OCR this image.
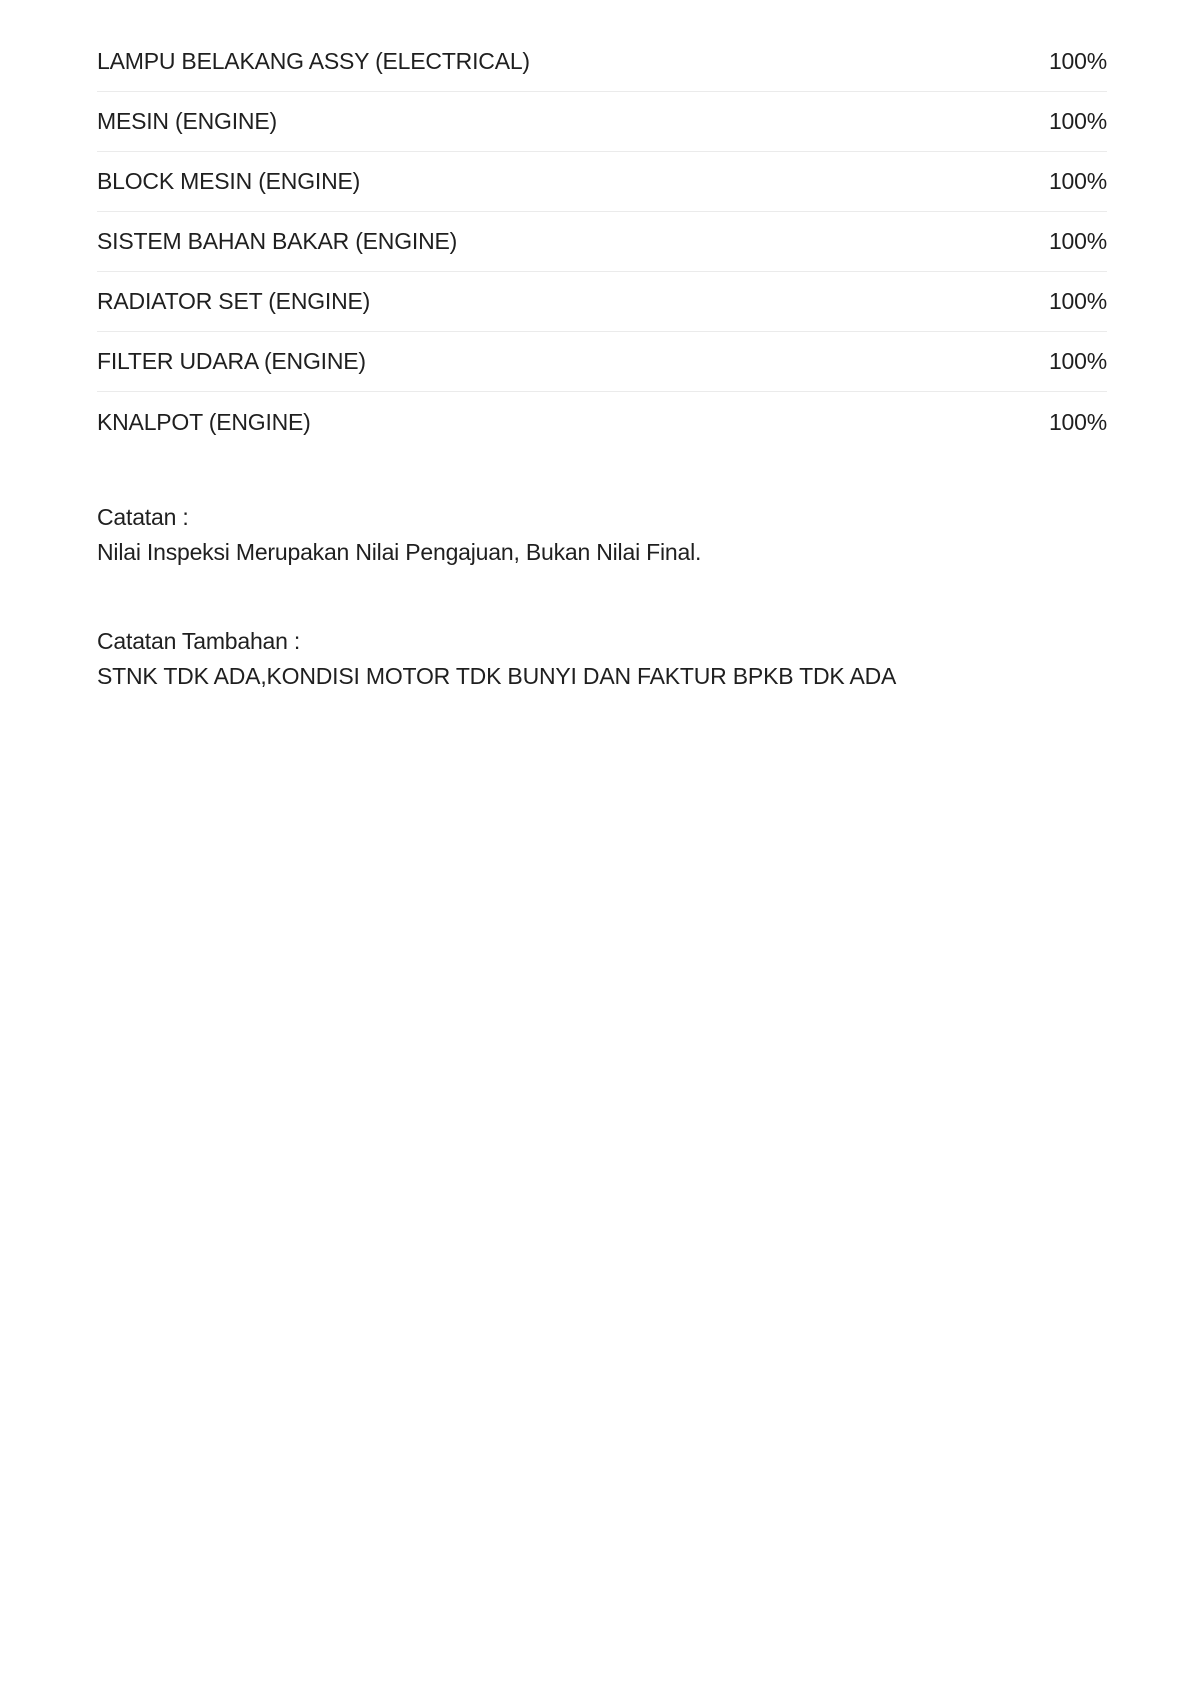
LAMPU BELAKANG ASSY (ELECTRICAL)	100%
MESIN (ENGINE)	100%
BLOCK MESIN (ENGINE)	100%
SISTEM BAHAN BAKAR (ENGINE)	100%
RADIATOR SET (ENGINE)	100%
FILTER UDARA (ENGINE)	100%
KNALPOT (ENGINE)	100%
Catatan :
Nilai Inspeksi Merupakan Nilai Pengajuan, Bukan Nilai Final.
Catatan Tambahan :
STNK TDK ADA,KONDISI MOTOR TDK BUNYI DAN FAKTUR BPKB TDK ADA
